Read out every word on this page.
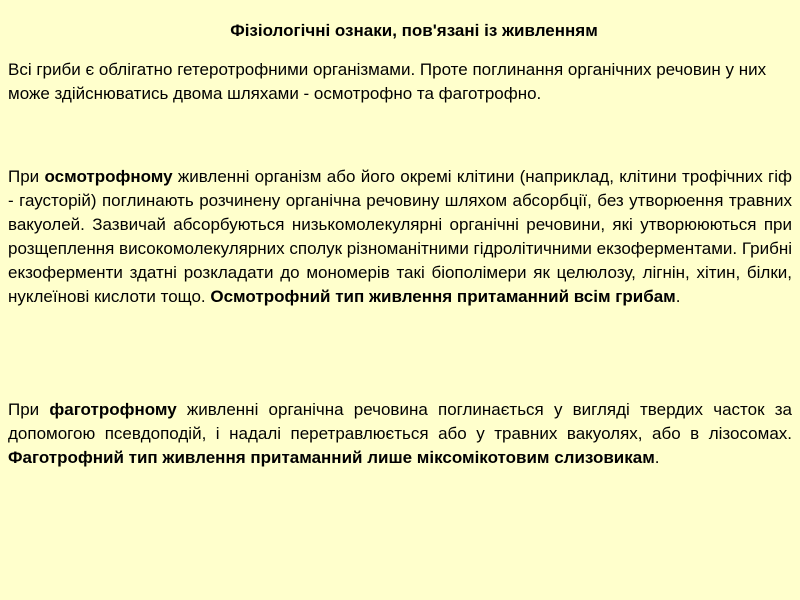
Фізіологічні ознаки, пов'язані із живленням
Всі гриби є облігатно гетеротрофними організмами. Проте поглинання органічних речовин у них може здійснюватись двома шляхами - осмотрофно та фаготрофно.
При осмотрофному живленні організм або його окремі клітини (наприклад, клітини трофічних гіф - гаусторій) поглинають розчинену органічна речовину шляхом абсорбції, без утворюення травних вакуолей. Зазвичай абсорбуються низькомолекулярні органічні речовини, які утворююються при розщеплення високомолекулярних сполук різноманітними гідролітичними екзоферментами. Грибні екзоферменти здатні розкладати до мономерів такі біополімери як целюлозу, лігнін, хітин, білки, нуклеїнові кислоти тощо. Осмотрофний тип живлення притаманний всім грибам.
При фаготрофному живленні органічна речовина поглинається у вигляді твердих часток за допомогою псевдоподій, і надалі перетравлюється або у травних вакуолях, або в лізосомах. Фаготрофний тип живлення притаманний лише міксомікотовим слизовикам.
